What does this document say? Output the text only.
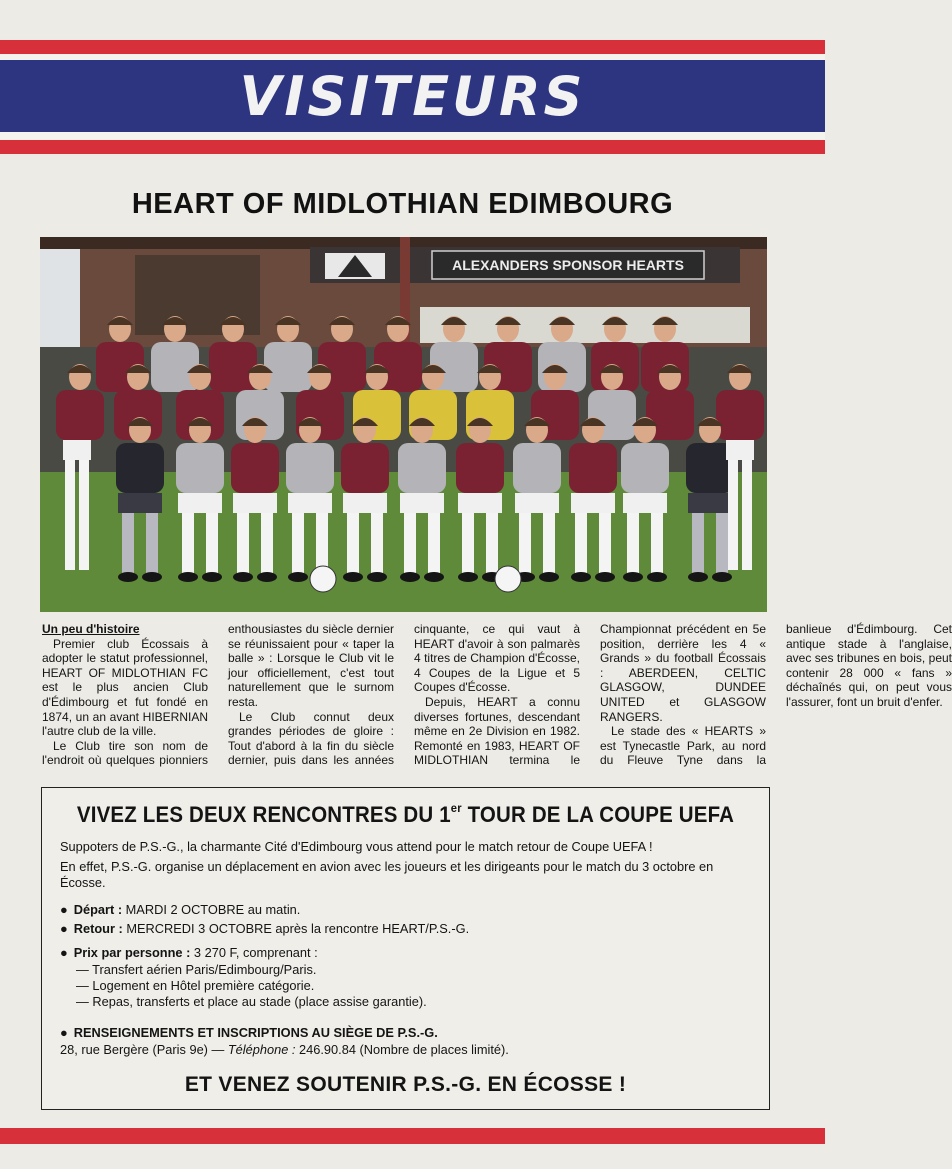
VISITEURS
HEART OF MIDLOTHIAN EDIMBOURG
ALEXANDERS SPONSOR HEARTS
Un peu d'histoire

Premier club Écossais à adopter le statut professionnel, HEART OF MIDLOTHIAN FC est le plus ancien Club d'Édimbourg et fut fondé en 1874, un an avant HIBERNIAN l'autre club de la ville.

Le Club tire son nom de l'endroit où quelques pionniers enthousiastes du siècle dernier se réunissaient pour « taper la balle » : Lorsque le Club vit le jour officiellement, c'est tout naturellement que le surnom resta.

Le Club connut deux grandes périodes de gloire : Tout d'abord à la fin du siècle dernier, puis dans les années cinquante, ce qui vaut à HEART d'avoir à son palmarès 4 titres de Champion d'Écosse, 4 Coupes de la Ligue et 5 Coupes d'Écosse.

Depuis, HEART a connu diverses fortunes, descendant même en 2e Division en 1982. Remonté en 1983, HEART OF MIDLOTHIAN termina le Championnat précédent en 5e position, derrière les 4 « Grands » du football Écossais : ABERDEEN, CELTIC GLASGOW, DUNDEE UNITED et GLASGOW RANGERS.

Le stade des « HEARTS » est Tynecastle Park, au nord du Fleuve Tyne dans la banlieue d'Édimbourg. Cet antique stade à l'anglaise, avec ses tribunes en bois, peut contenir 28 000 « fans » déchaînés qui, on peut vous l'assurer, font un bruit d'enfer.

VIVEZ LES DEUX RENCONTRES DU 1er TOUR DE LA COUPE UEFA
Suppoters de P.S.-G., la charmante Cité d'Edimbourg vous attend pour le match retour de Coupe UEFA !
En effet, P.S.-G. organise un déplacement en avion avec les joueurs et les dirigeants pour le match du 3 octobre en Écosse.
● Départ : MARDI 2 OCTOBRE au matin.
● Retour : MERCREDI 3 OCTOBRE après la rencontre HEART/P.S.-G.
● Prix par personne : 3 270 F, comprenant :
— Transfert aérien Paris/Edimbourg/Paris.
— Logement en Hôtel première catégorie.
— Repas, transferts et place au stade (place assise garantie).
● RENSEIGNEMENTS ET INSCRIPTIONS AU SIÈGE DE P.S.-G.
28, rue Bergère (Paris 9e) — Téléphone : 246.90.84 (Nombre de places limité).
ET VENEZ SOUTENIR P.S.-G. EN ÉCOSSE !
